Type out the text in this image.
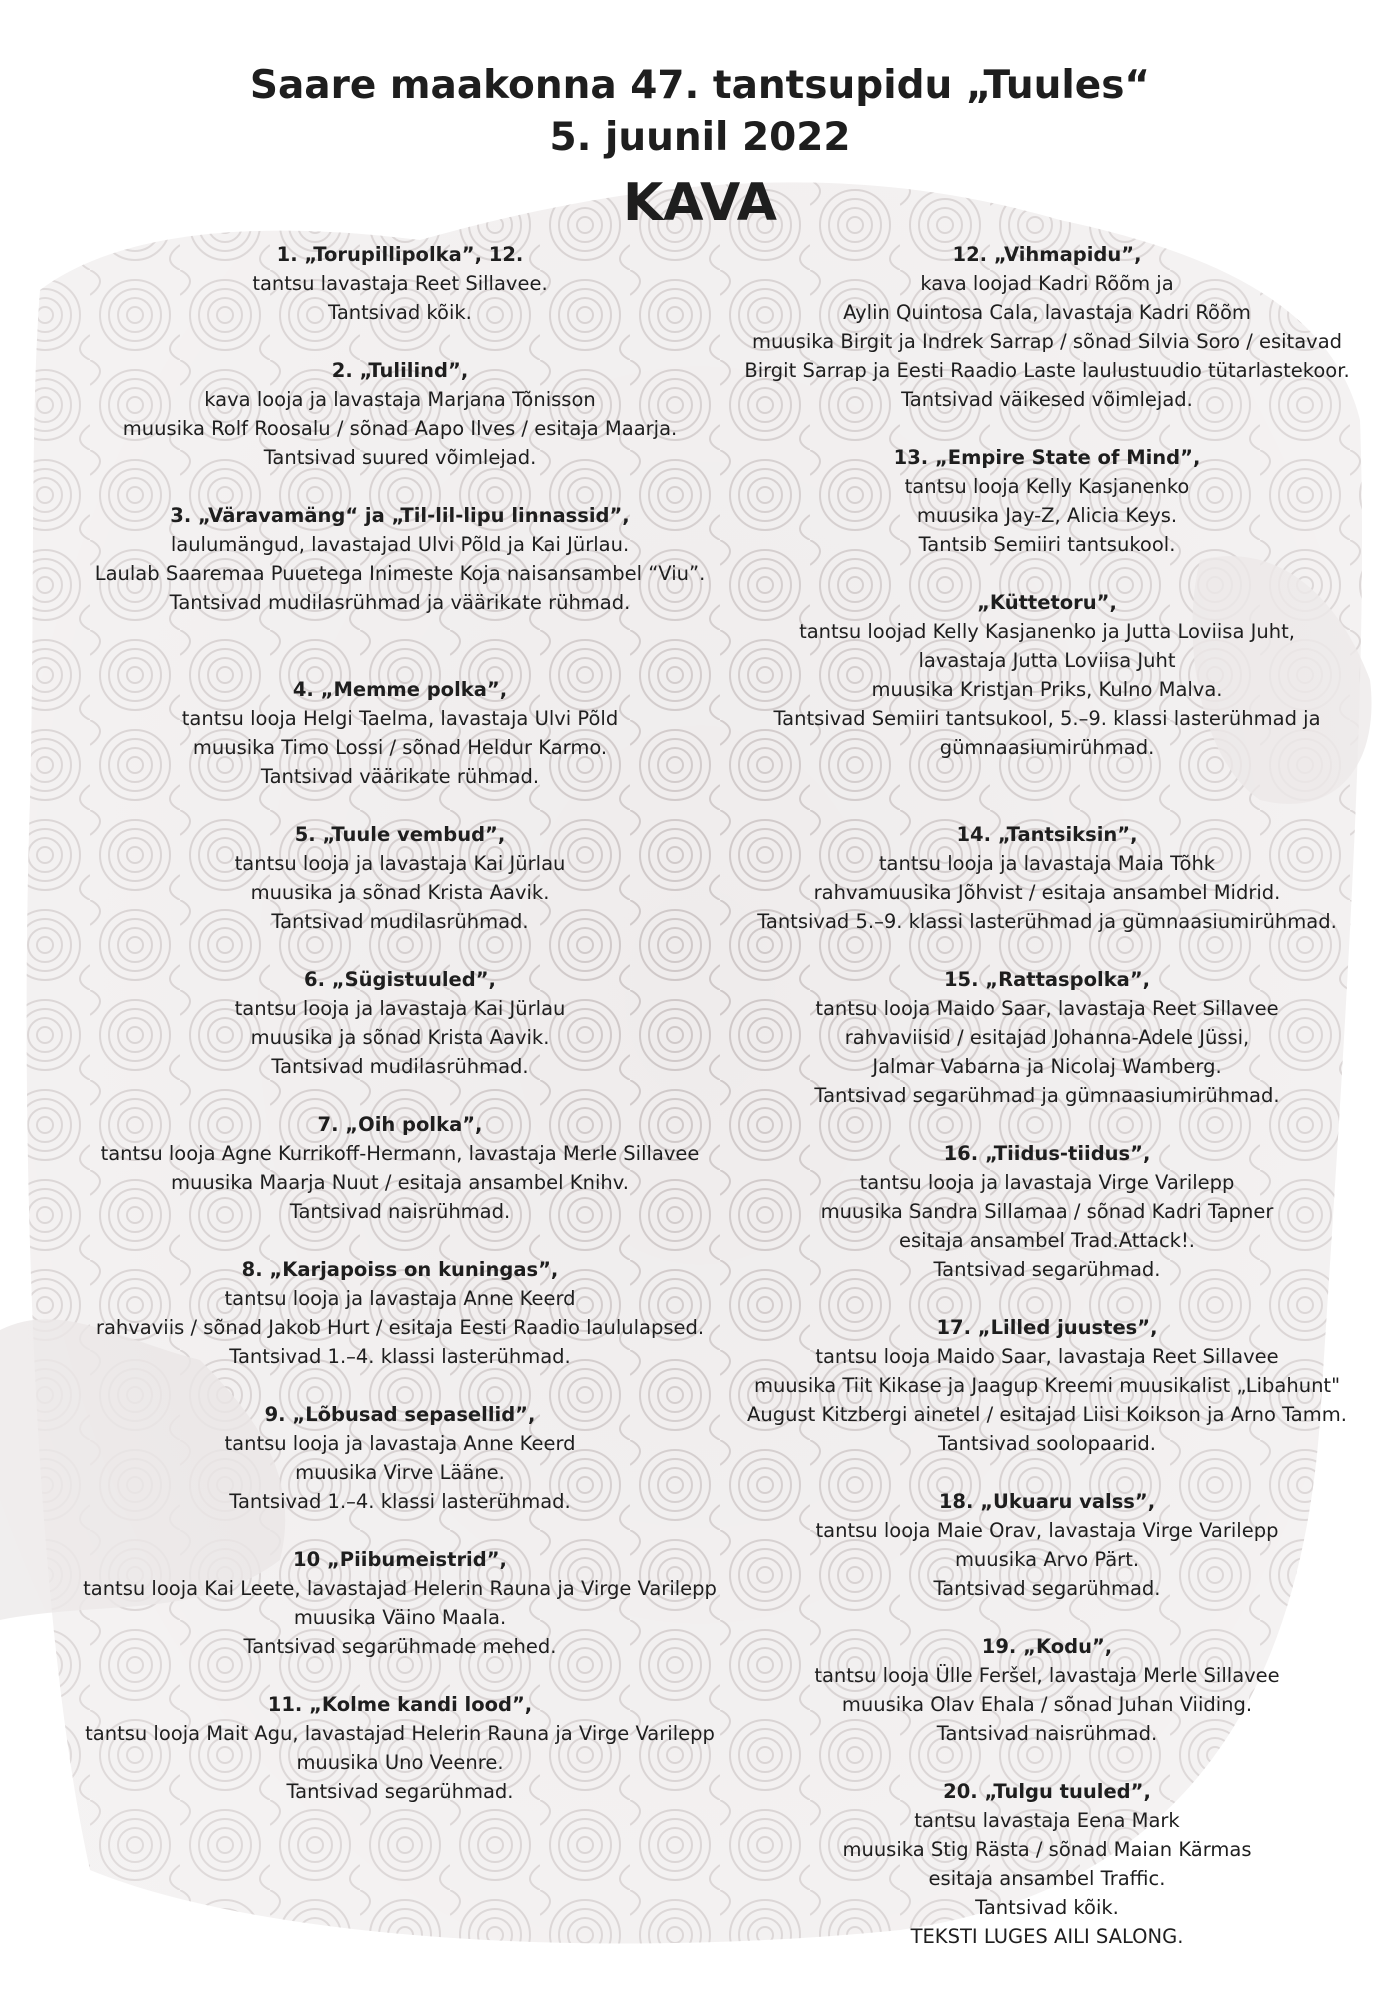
Saare maakonna 47. tantsupidu „Tuules“
5. juunil 2022
KAVA
1. „Torupillipolka”, 12.
tantsu lavastaja Reet Sillavee.
Tantsivad kõik.
2. „Tulilind”,
kava looja ja lavastaja Marjana Tõnisson
muusika Rolf Roosalu / sõnad Aapo Ilves / esitaja Maarja.
Tantsivad suured võimlejad.
3. „Väravamäng“ ja „Til-lil-lipu linnassid”,
laulumängud, lavastajad Ulvi Põld ja Kai Jürlau.
Laulab Saaremaa Puuetega Inimeste Koja naisansambel “Viu”.
Tantsivad mudilasrühmad ja väärikate rühmad.
4. „Memme polka”,
tantsu looja Helgi Taelma, lavastaja Ulvi Põld
muusika Timo Lossi / sõnad Heldur Karmo.
Tantsivad väärikate rühmad.
5. „Tuule vembud”,
tantsu looja ja lavastaja Kai Jürlau
muusika ja sõnad Krista Aavik.
Tantsivad mudilasrühmad.
6. „Sügistuuled”,
tantsu looja ja lavastaja Kai Jürlau
muusika ja sõnad Krista Aavik.
Tantsivad mudilasrühmad.
7. „Oih polka”,
tantsu looja Agne Kurrikoff-Hermann, lavastaja Merle Sillavee
muusika Maarja Nuut / esitaja ansambel Knihv.
Tantsivad naisrühmad.
8. „Karjapoiss on kuningas”,
tantsu looja ja lavastaja Anne Keerd
rahvaviis / sõnad Jakob Hurt / esitaja Eesti Raadio laululapsed.
Tantsivad 1.–4. klassi lasterühmad.
9. „Lõbusad sepasellid”,
tantsu looja ja lavastaja Anne Keerd
muusika Virve Lääne.
Tantsivad 1.–4. klassi lasterühmad.
10 „Piibumeistrid”,
tantsu looja Kai Leete, lavastajad Helerin Rauna ja Virge Varilepp
muusika Väino Maala.
Tantsivad segarühmade mehed.
11. „Kolme kandi lood”,
tantsu looja Mait Agu, lavastajad Helerin Rauna ja Virge Varilepp
muusika Uno Veenre.
Tantsivad segarühmad.
12. „Vihmapidu”,
kava loojad Kadri Rõõm ja
Aylin Quintosa Cala, lavastaja Kadri Rõõm
muusika Birgit ja Indrek Sarrap / sõnad Silvia Soro / esitavad
Birgit Sarrap ja Eesti Raadio Laste laulustuudio tütarlastekoor.
Tantsivad väikesed võimlejad.
13. „Empire State of Mind”,
tantsu looja Kelly Kasjanenko
muusika Jay-Z, Alicia Keys.
Tantsib Semiiri tantsukool.
„Küttetoru”,
tantsu loojad Kelly Kasjanenko ja Jutta Loviisa Juht,
lavastaja Jutta Loviisa Juht
muusika Kristjan Priks, Kulno Malva.
Tantsivad Semiiri tantsukool, 5.–9. klassi lasterühmad ja
gümnaasiumirühmad.
14. „Tantsiksin”,
tantsu looja ja lavastaja Maia Tõhk
rahvamuusika Jõhvist / esitaja ansambel Midrid.
Tantsivad 5.–9. klassi lasterühmad ja gümnaasiumirühmad.
15. „Rattaspolka”,
tantsu looja Maido Saar, lavastaja Reet Sillavee
rahvaviisid / esitajad Johanna-Adele Jüssi,
Jalmar Vabarna ja Nicolaj Wamberg.
Tantsivad segarühmad ja gümnaasiumirühmad.
16. „Tiidus-tiidus”,
tantsu looja ja lavastaja Virge Varilepp
muusika Sandra Sillamaa / sõnad Kadri Tapner
esitaja ansambel Trad.Attack!.
Tantsivad segarühmad.
17. „Lilled juustes”,
tantsu looja Maido Saar, lavastaja Reet Sillavee
muusika Tiit Kikase ja Jaagup Kreemi muusikalist „Libahunt"
August Kitzbergi ainetel / esitajad Liisi Koikson ja Arno Tamm.
Tantsivad soolopaarid.
18. „Ukuaru valss”,
tantsu looja Maie Orav, lavastaja Virge Varilepp
muusika Arvo Pärt.
Tantsivad segarühmad.
19. „Kodu”,
tantsu looja Ülle Feršel, lavastaja Merle Sillavee
muusika Olav Ehala / sõnad Juhan Viiding.
Tantsivad naisrühmad.
20. „Tulgu tuuled”,
tantsu lavastaja Eena Mark
muusika Stig Rästa / sõnad Maian Kärmas
esitaja ansambel Traffic.
Tantsivad kõik.
TEKSTI LUGES AILI SALONG.
